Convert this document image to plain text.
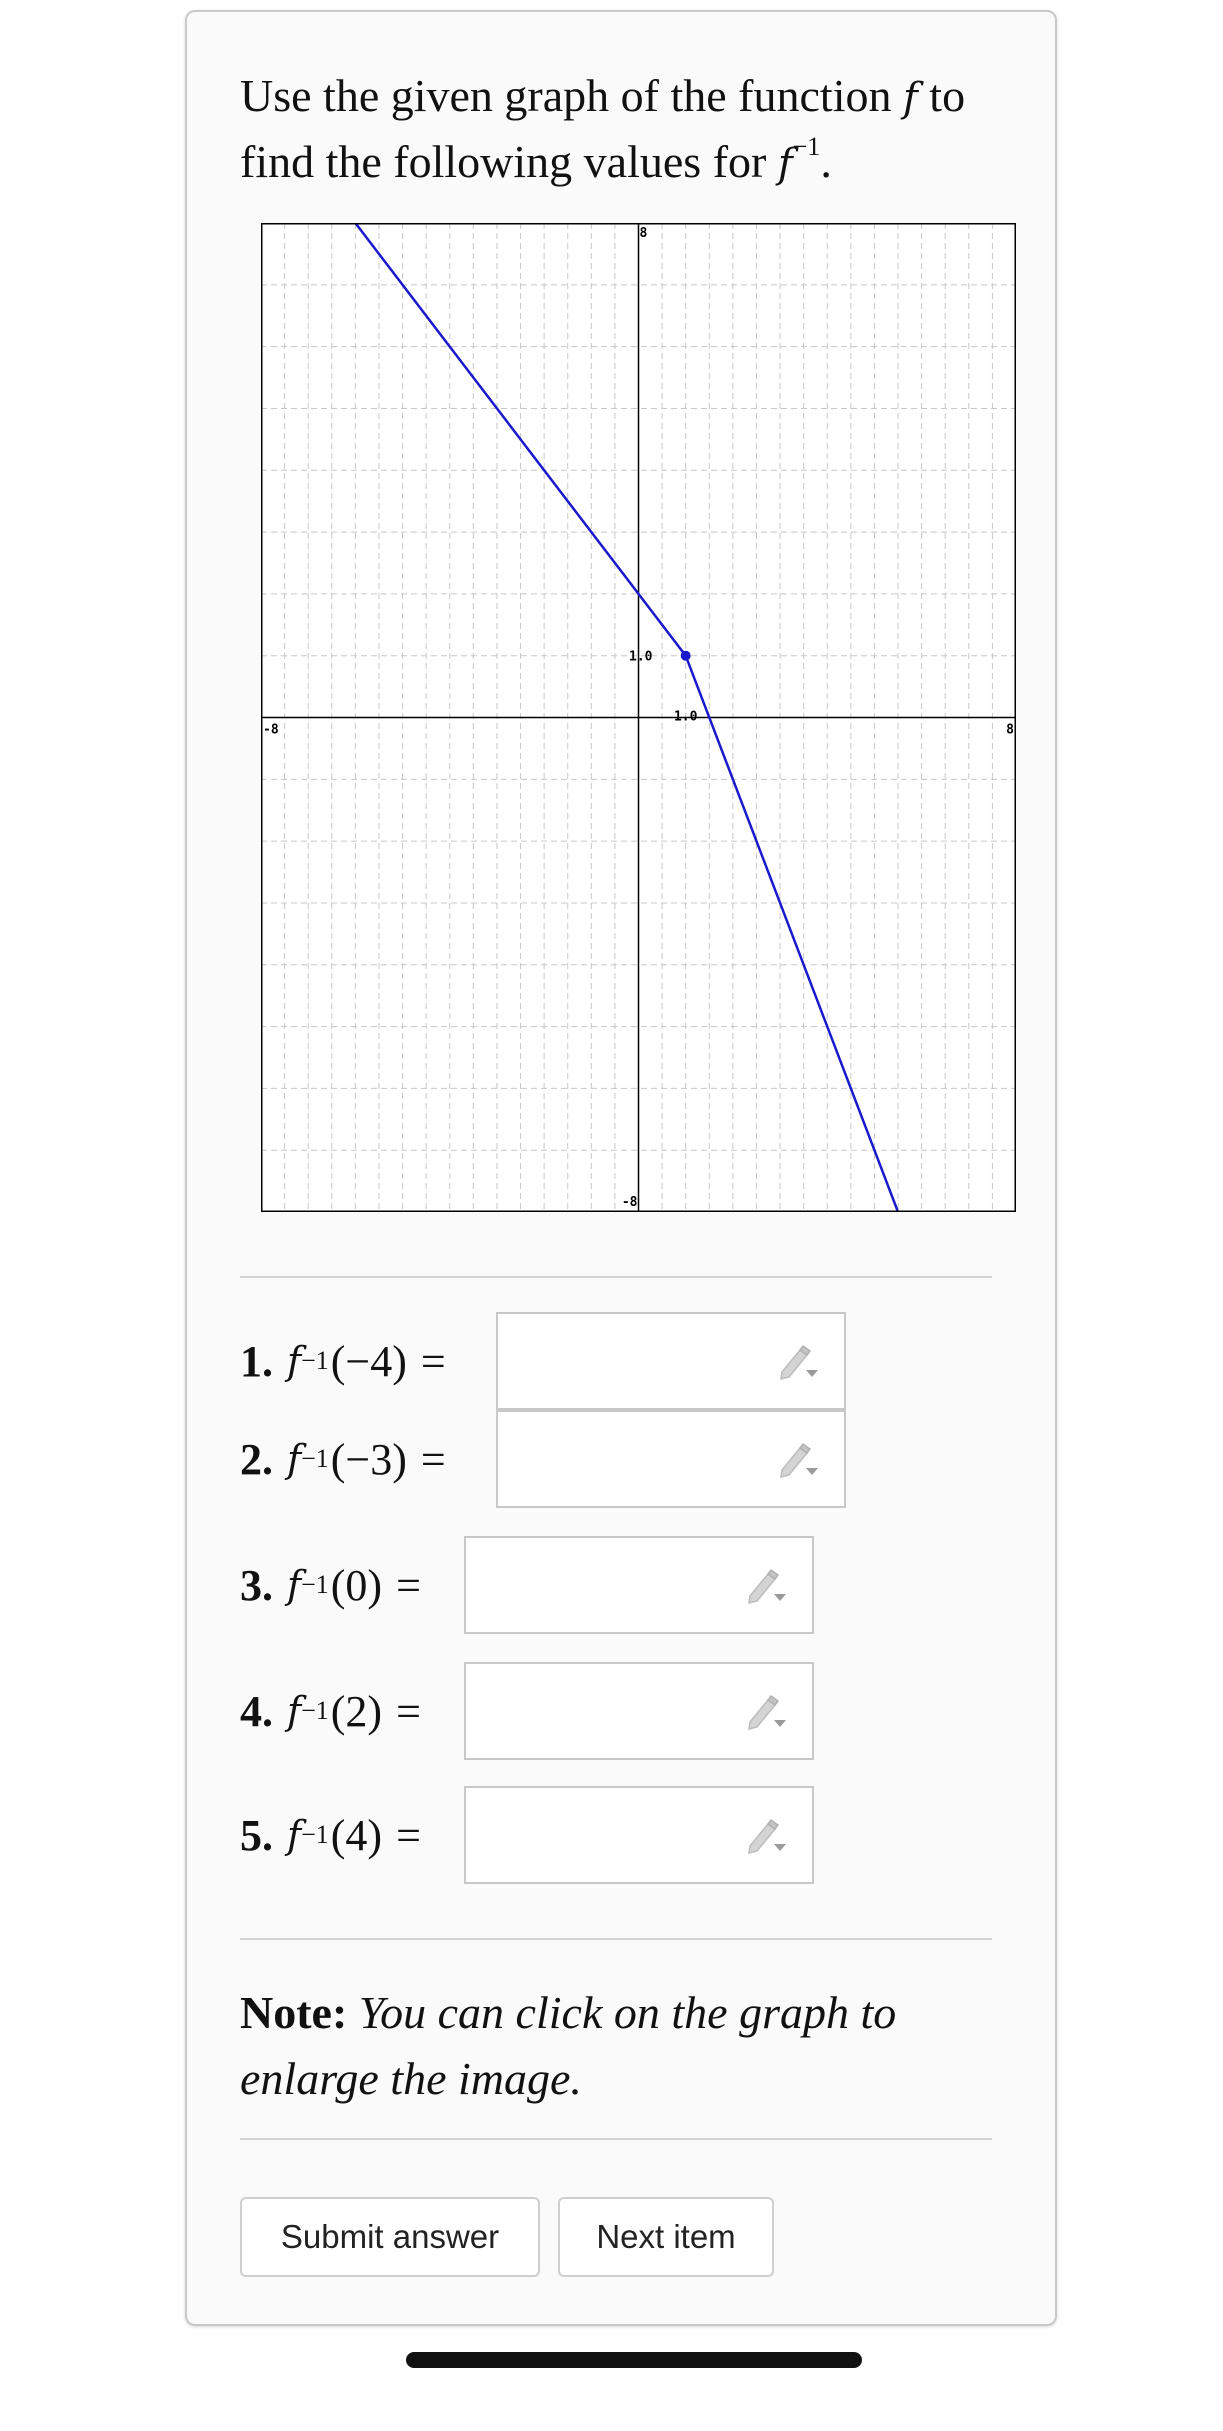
Use the given graph of the function f to
find the following values for $f^{-1}$.
-8	8
8
-8
1.0
1.0
1. f −1 (−4) =
2. f −1 (−3) =
3. f −1 (0) =
4. f −1 (2) =
5. f −1 (4) =
Note: You can click on the graph to enlarge the image.
Submit answer	Next item
